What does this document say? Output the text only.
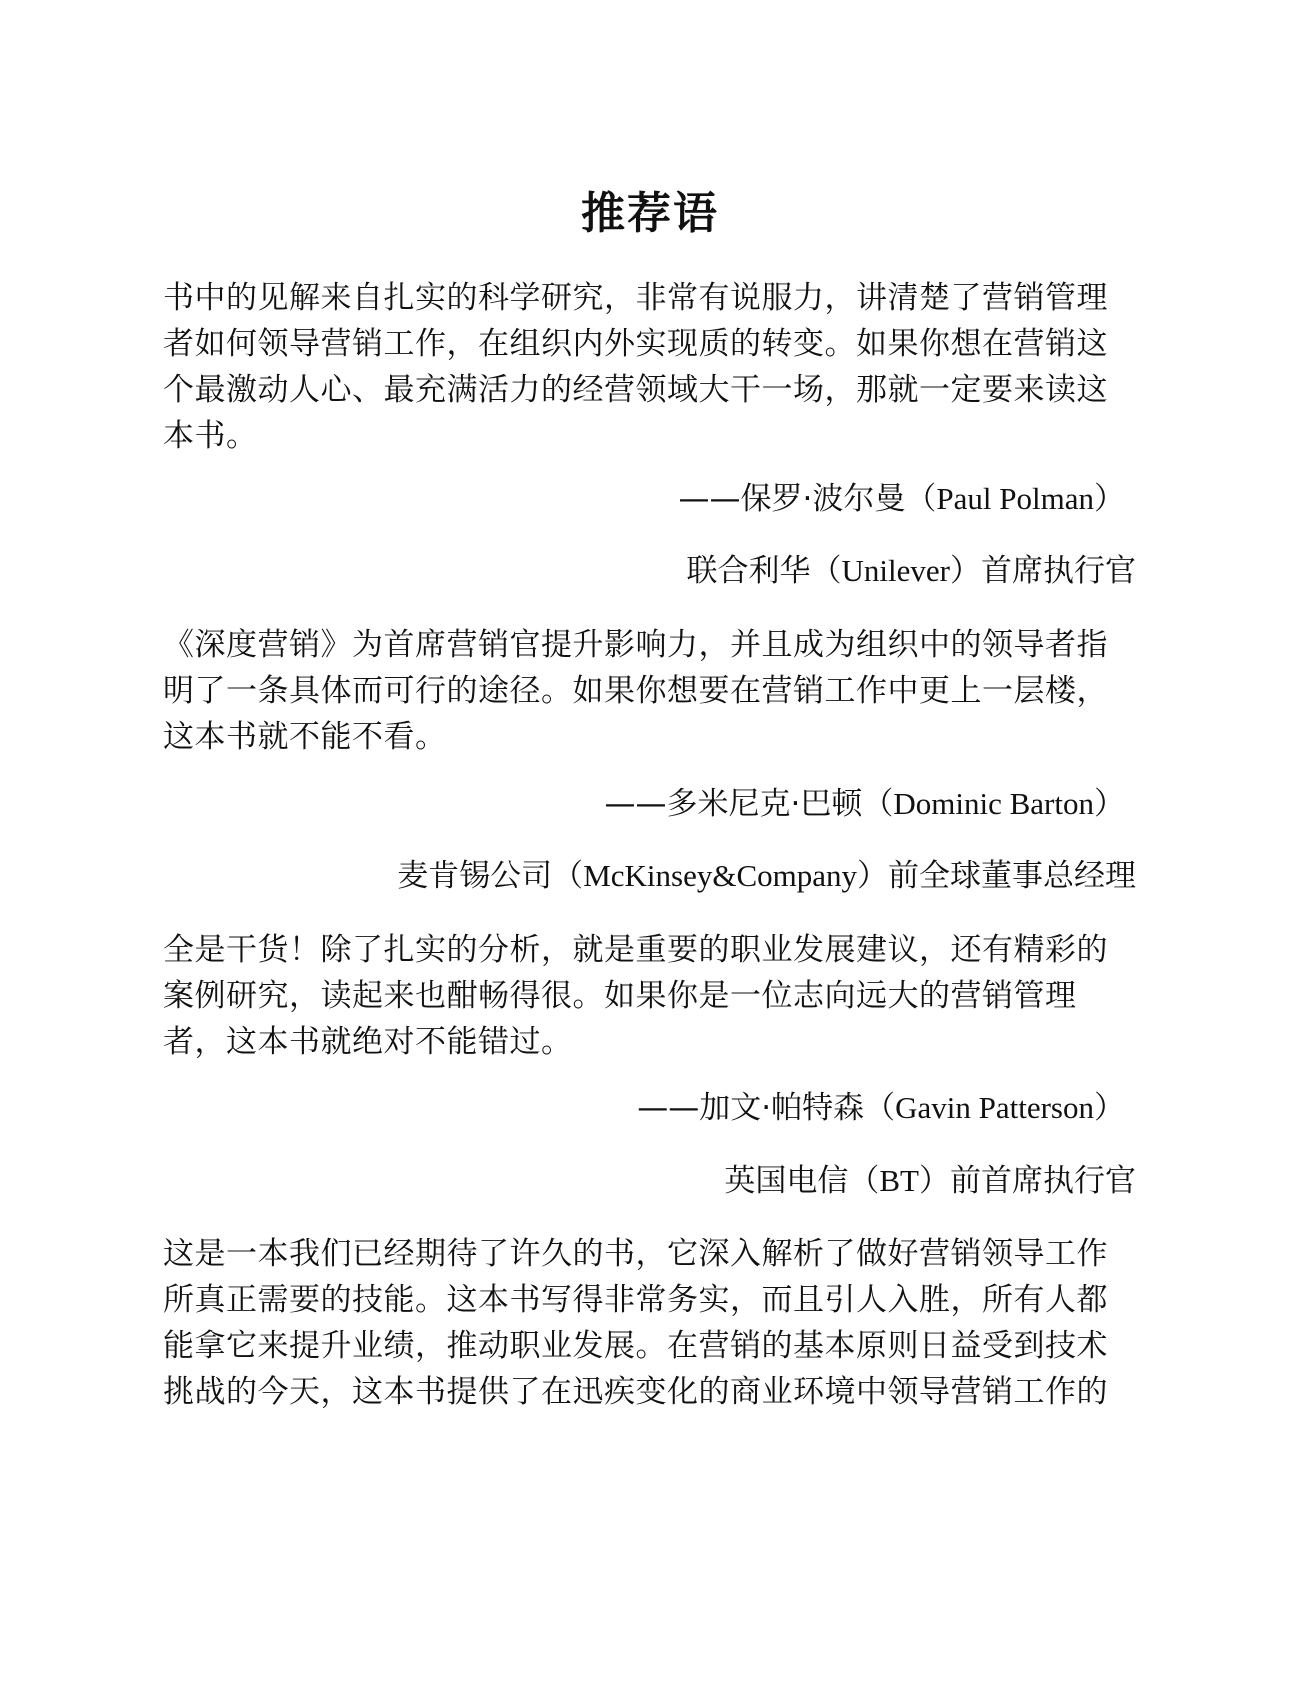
推荐语

书中的见解来自扎实的科学研究，非常有说服力，讲清楚了营销管理者如何领导营销工作，在组织内外实现质的转变。如果你想在营销这个最激动人心、最充满活力的经营领域大干一场，那就一定要来读这本书。

——保罗·波尔曼（Paul Polman）

联合利华（Unilever）首席执行官

《深度营销》为首席营销官提升影响力，并且成为组织中的领导者指明了一条具体而可行的途径。如果你想要在营销工作中更上一层楼，这本书就不能不看。

——多米尼克·巴顿（Dominic Barton）

麦肯锡公司（McKinsey&Company）前全球董事总经理

全是干货！除了扎实的分析，就是重要的职业发展建议，还有精彩的案例研究，读起来也酣畅得很。如果你是一位志向远大的营销管理者，这本书就绝对不能错过。

——加文·帕特森（Gavin Patterson）

英国电信（BT）前首席执行官

这是一本我们已经期待了许久的书，它深入解析了做好营销领导工作所真正需要的技能。这本书写得非常务实，而且引人入胜，所有人都能拿它来提升业绩，推动职业发展。在营销的基本原则日益受到技术挑战的今天，这本书提供了在迅疾变化的商业环境中领导营销工作的
